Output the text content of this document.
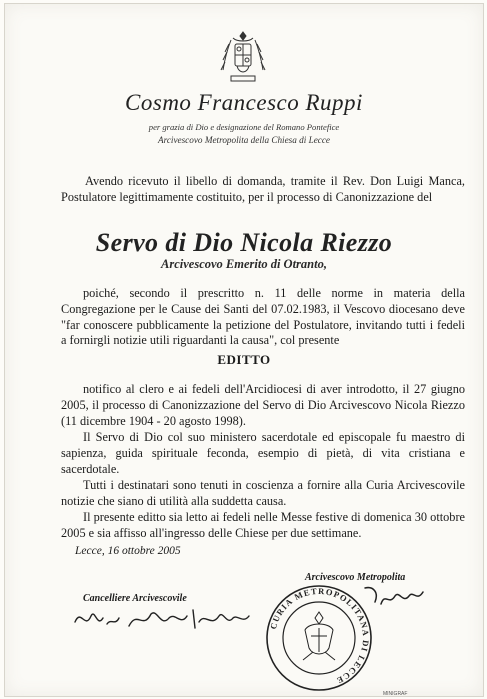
Cosmo Francesco Ruppi
per grazia di Dio e designazione del Romano Pontefice
Arcivescovo Metropolita della Chiesa di Lecce
Avendo ricevuto il libello di domanda, tramite il Rev. Don Luigi Manca, Postulatore legittimamente costituito, per il processo di Canonizzazione del
Servo di Dio Nicola Riezzo
Arcivescovo Emerito di Otranto,
poiché, secondo il prescritto n. 11 delle norme in materia della Congregazione per le Cause dei Santi del 07.02.1983, il Vescovo diocesano deve "far conoscere pubblicamente la petizione del Postulatore, invitando tutti i fedeli a fornirgli notizie utili riguardanti la causa", col presente
EDITTO
notifico al clero e ai fedeli dell'Arcidiocesi di aver introdotto, il 27 giugno 2005, il processo di Canonizzazione del Servo di Dio Arcivescovo Nicola Riezzo (11 dicembre 1904 - 20 agosto 1998).
Il Servo di Dio col suo ministero sacerdotale ed episcopale fu maestro di sapienza, guida spirituale feconda, esempio di pietà, di vita cristiana e sacerdotale.
Tutti i destinatari sono tenuti in coscienza a fornire alla Curia Arcivescovile notizie che siano di utilità alla suddetta causa.
Il presente editto sia letto ai fedeli nelle Messe festive di domenica 30 ottobre 2005 e sia affisso all'ingresso delle Chiese per due settimane.
Lecce, 16 ottobre 2005
Cancelliere Arcivescovile
Arcivescovo Metropolita
CURIA METROPOLITANA DI LECCE
MINIGRAF
